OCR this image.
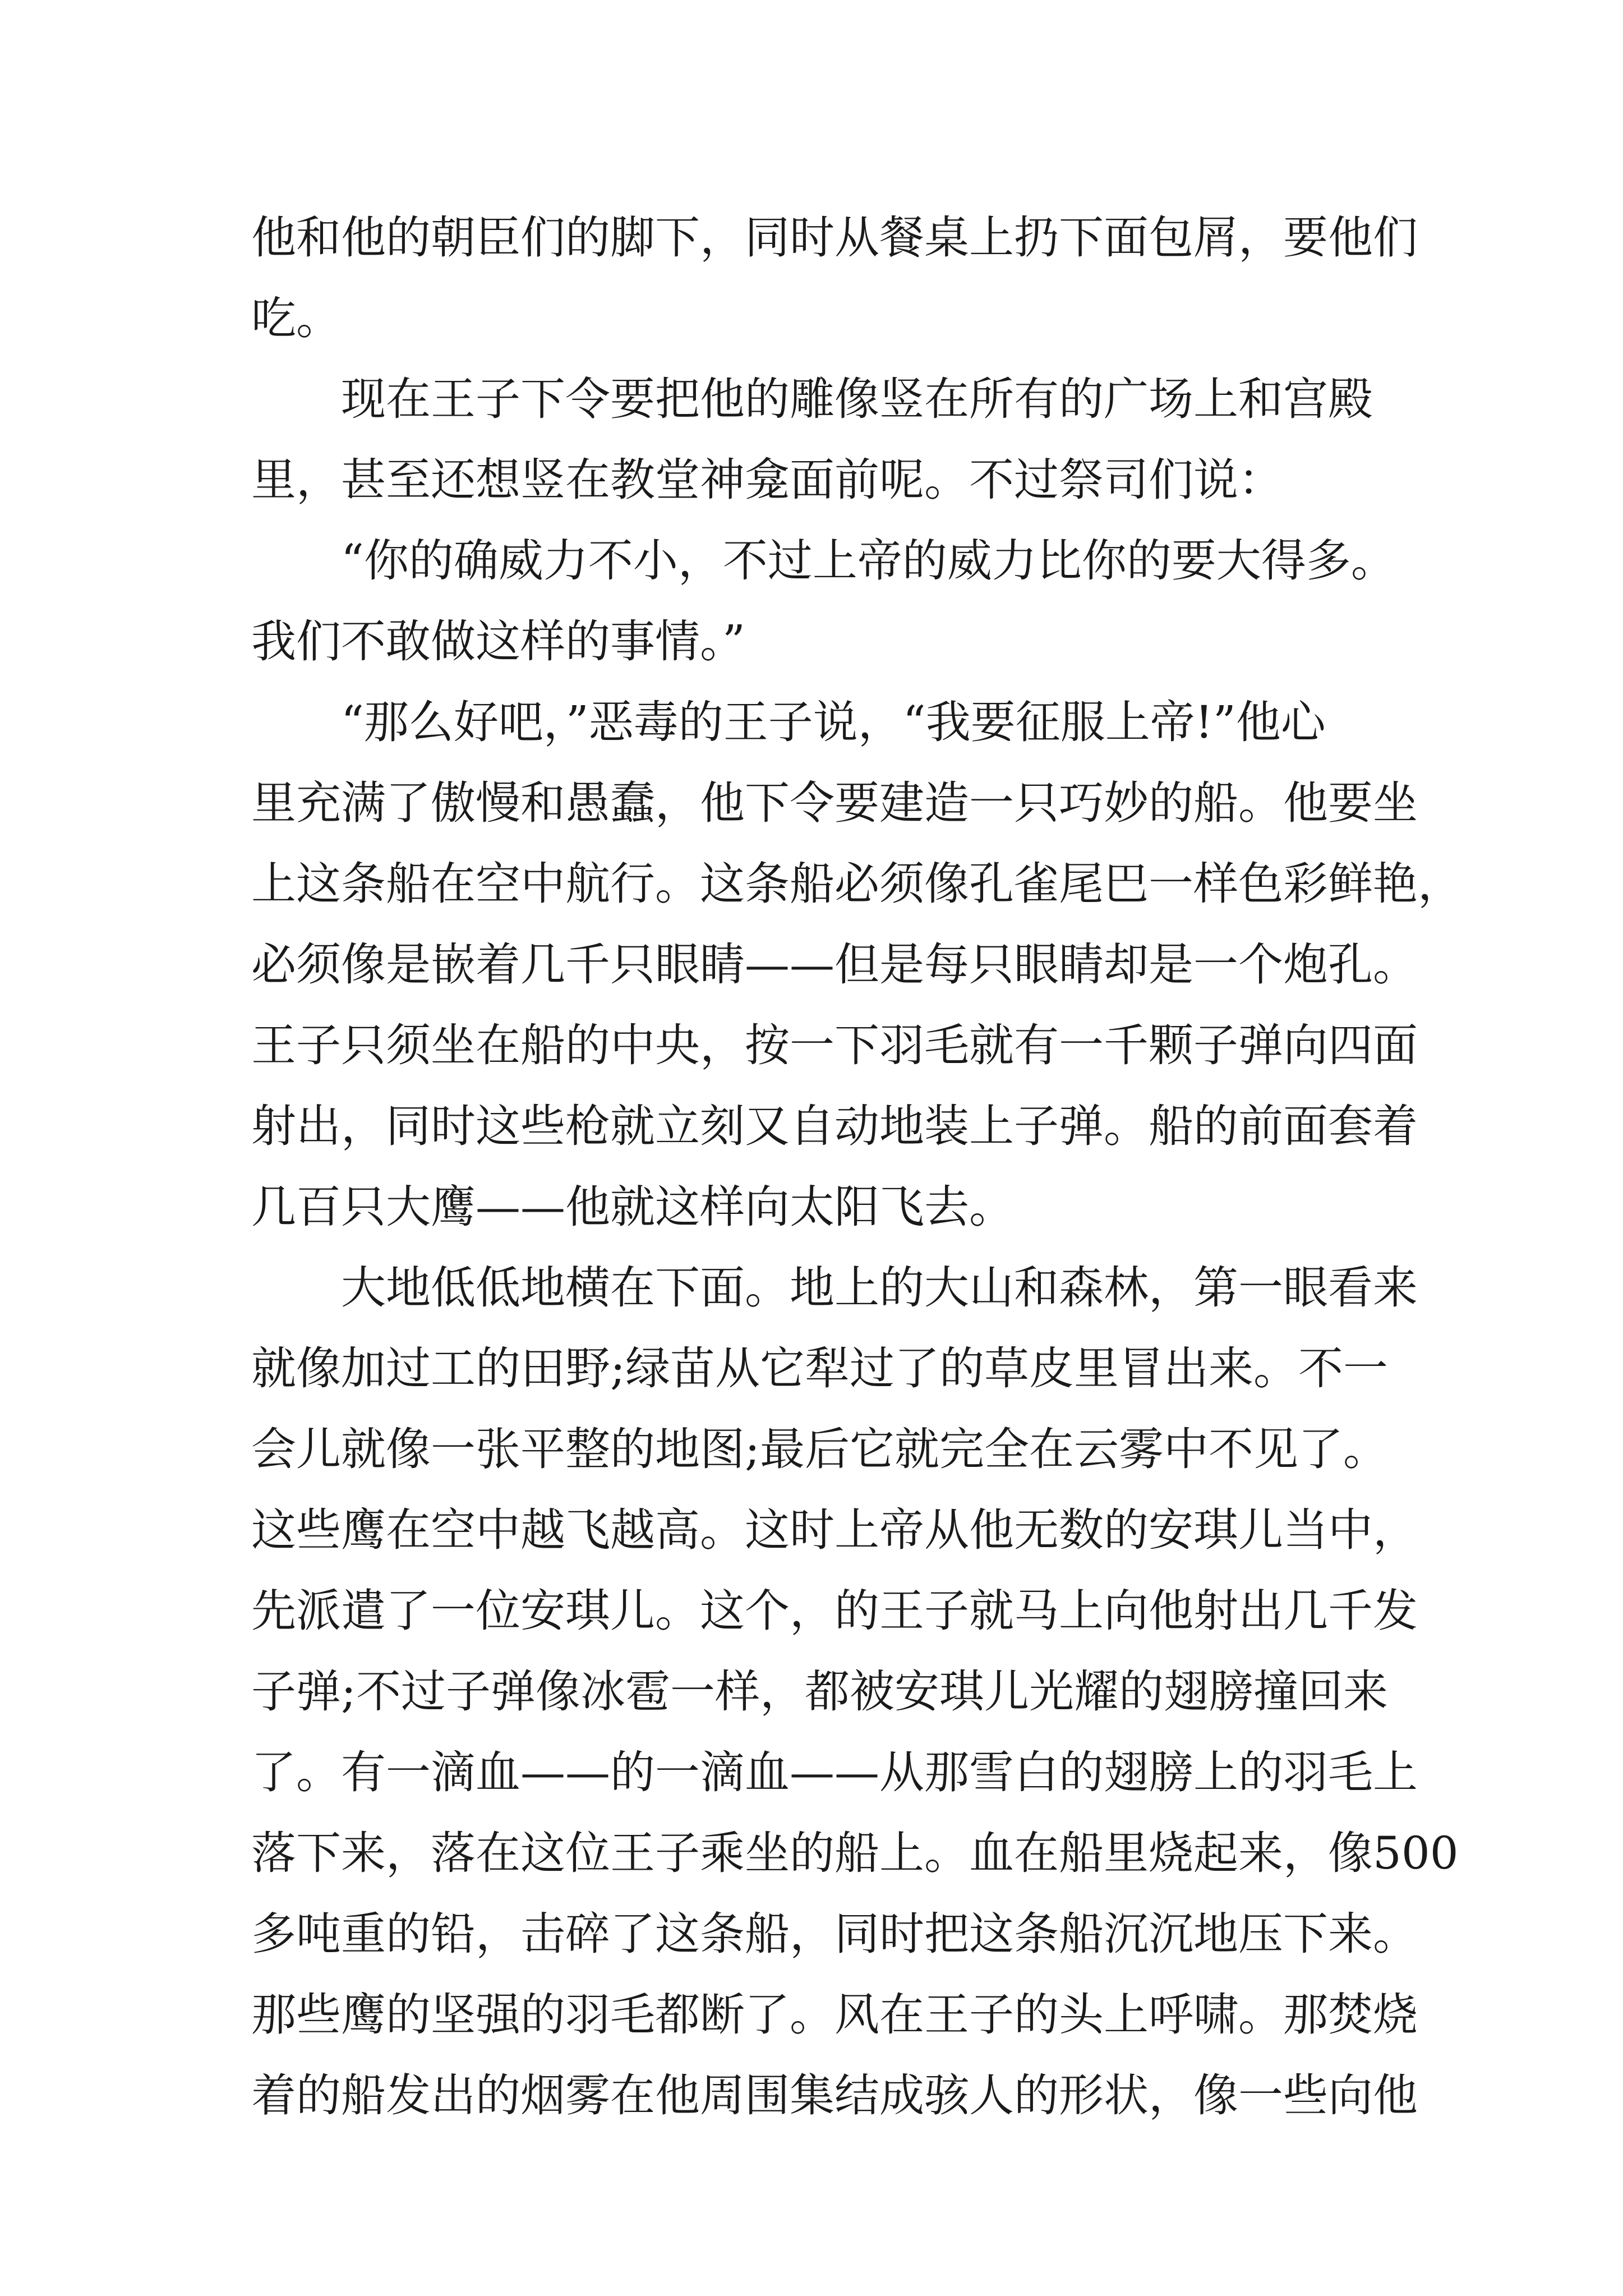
他和他的朝臣们的脚下，同时从餐桌上扔下面包屑，要他们
吃。
现在王子下令要把他的雕像竖在所有的广场上和宫殿
里，甚至还想竖在教堂神龛面前呢。不过祭司们说：
“你的确威力不小，不过上帝的威力比你的要大得多。
我们不敢做这样的事情。”
“那么好吧，”恶毒的王子说，“我要征服上帝!”他心
里充满了傲慢和愚蠢，他下令要建造一只巧妙的船。他要坐
上这条船在空中航行。这条船必须像孔雀尾巴一样色彩鲜艳，
必须像是嵌着几千只眼睛——但是每只眼睛却是一个炮孔。
王子只须坐在船的中央，按一下羽毛就有一千颗子弹向四面
射出，同时这些枪就立刻又自动地装上子弹。船的前面套着
几百只大鹰——他就这样向太阳飞去。
大地低低地横在下面。地上的大山和森林，第一眼看来
就像加过工的田野;绿苗从它犁过了的草皮里冒出来。不一
会儿就像一张平整的地图;最后它就完全在云雾中不见了。
这些鹰在空中越飞越高。这时上帝从他无数的安琪儿当中，
先派遣了一位安琪儿。这个，的王子就马上向他射出几千发
子弹;不过子弹像冰雹一样，都被安琪儿光耀的翅膀撞回来
了。有一滴血——的一滴血——从那雪白的翅膀上的羽毛上
落下来，落在这位王子乘坐的船上。血在船里烧起来，像500
多吨重的铅，击碎了这条船，同时把这条船沉沉地压下来。
那些鹰的坚强的羽毛都断了。风在王子的头上呼啸。那焚烧
着的船发出的烟雾在他周围集结成骇人的形状，像一些向他
